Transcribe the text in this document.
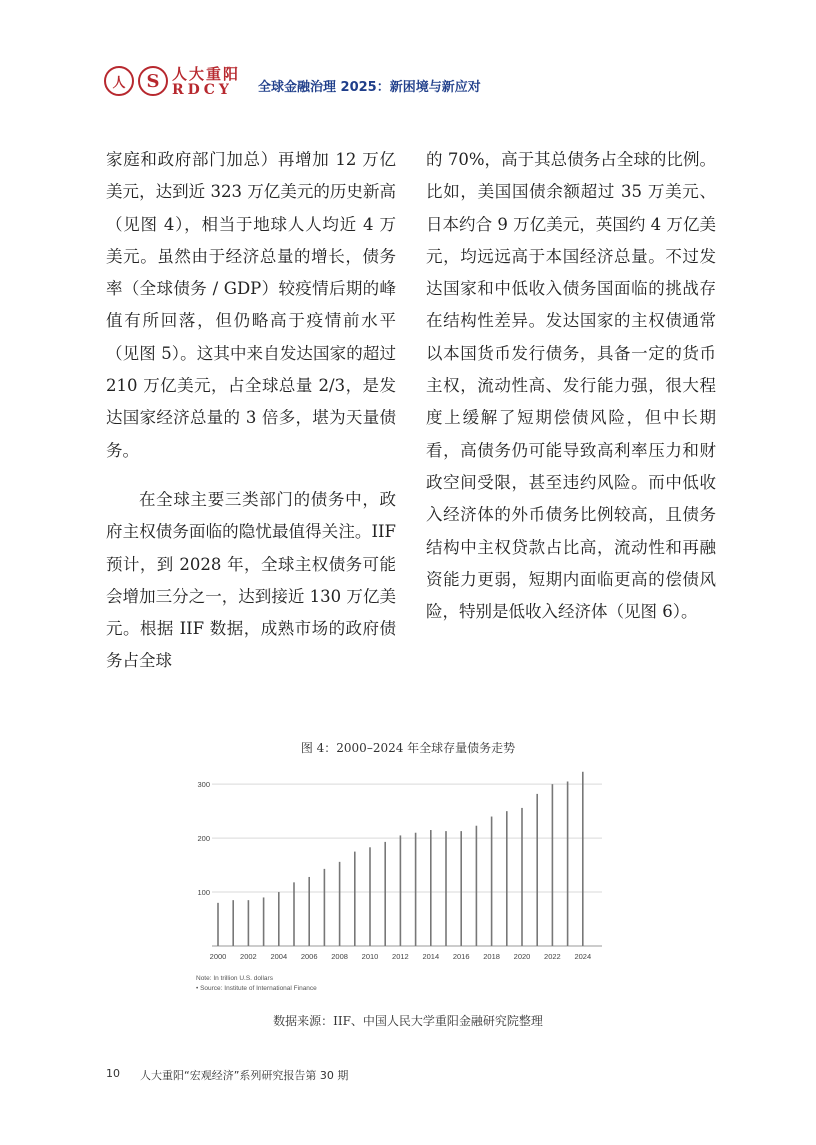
人	S 人大重阳
RDCY 全球金融治理 2025：新困境与新应对

家庭和政府部门加总）再增加 12 万亿美元，达到近 323 万亿美元的历史新高（见图 4），相当于地球人人均近 4 万美元。虽然由于经济总量的增长，债务率（全球债务 / GDP）较疫情后期的峰值有所回落，但仍略高于疫情前水平（见图 5）。这其中来自发达国家的超过 210 万亿美元，占全球总量 2/3，是发达国家经济总量的 3 倍多，堪为天量债务。

在全球主要三类部门的债务中，政府主权债务面临的隐忧最值得关注。IIF 预计，到 2028 年，全球主权债务可能会增加三分之一，达到接近 130 万亿美元。根据 IIF 数据，成熟市场的政府债务占全球

的 70%，高于其总债务占全球的比例。比如，美国国债余额超过 35 万美元、日本约合 9 万亿美元，英国约 4 万亿美元，均远远高于本国经济总量。不过发达国家和中低收入债务国面临的挑战存在结构性差异。发达国家的主权债通常以本国货币发行债务，具备一定的货币主权，流动性高、发行能力强，很大程度上缓解了短期偿债风险，但中长期看，高债务仍可能导致高利率压力和财政空间受限，甚至违约风险。而中低收入经济体的外币债务比例较高，且债务结构中主权贷款占比高，流动性和再融资能力更弱，短期内面临更高的偿债风险，特别是低收入经济体（见图 6）。

图 4：2000–2024 年全球存量债务走势
100
200
300
2000 2002 2004 2006 2008 2010 2012 2014 2016 2018 2020 2022 2024
Note: In trillion U.S. dollars
• Source: Institute of International Finance
数据来源：IIF、中国人民大学重阳金融研究院整理
10 人大重阳“宏观经济”系列研究报告第 30 期
